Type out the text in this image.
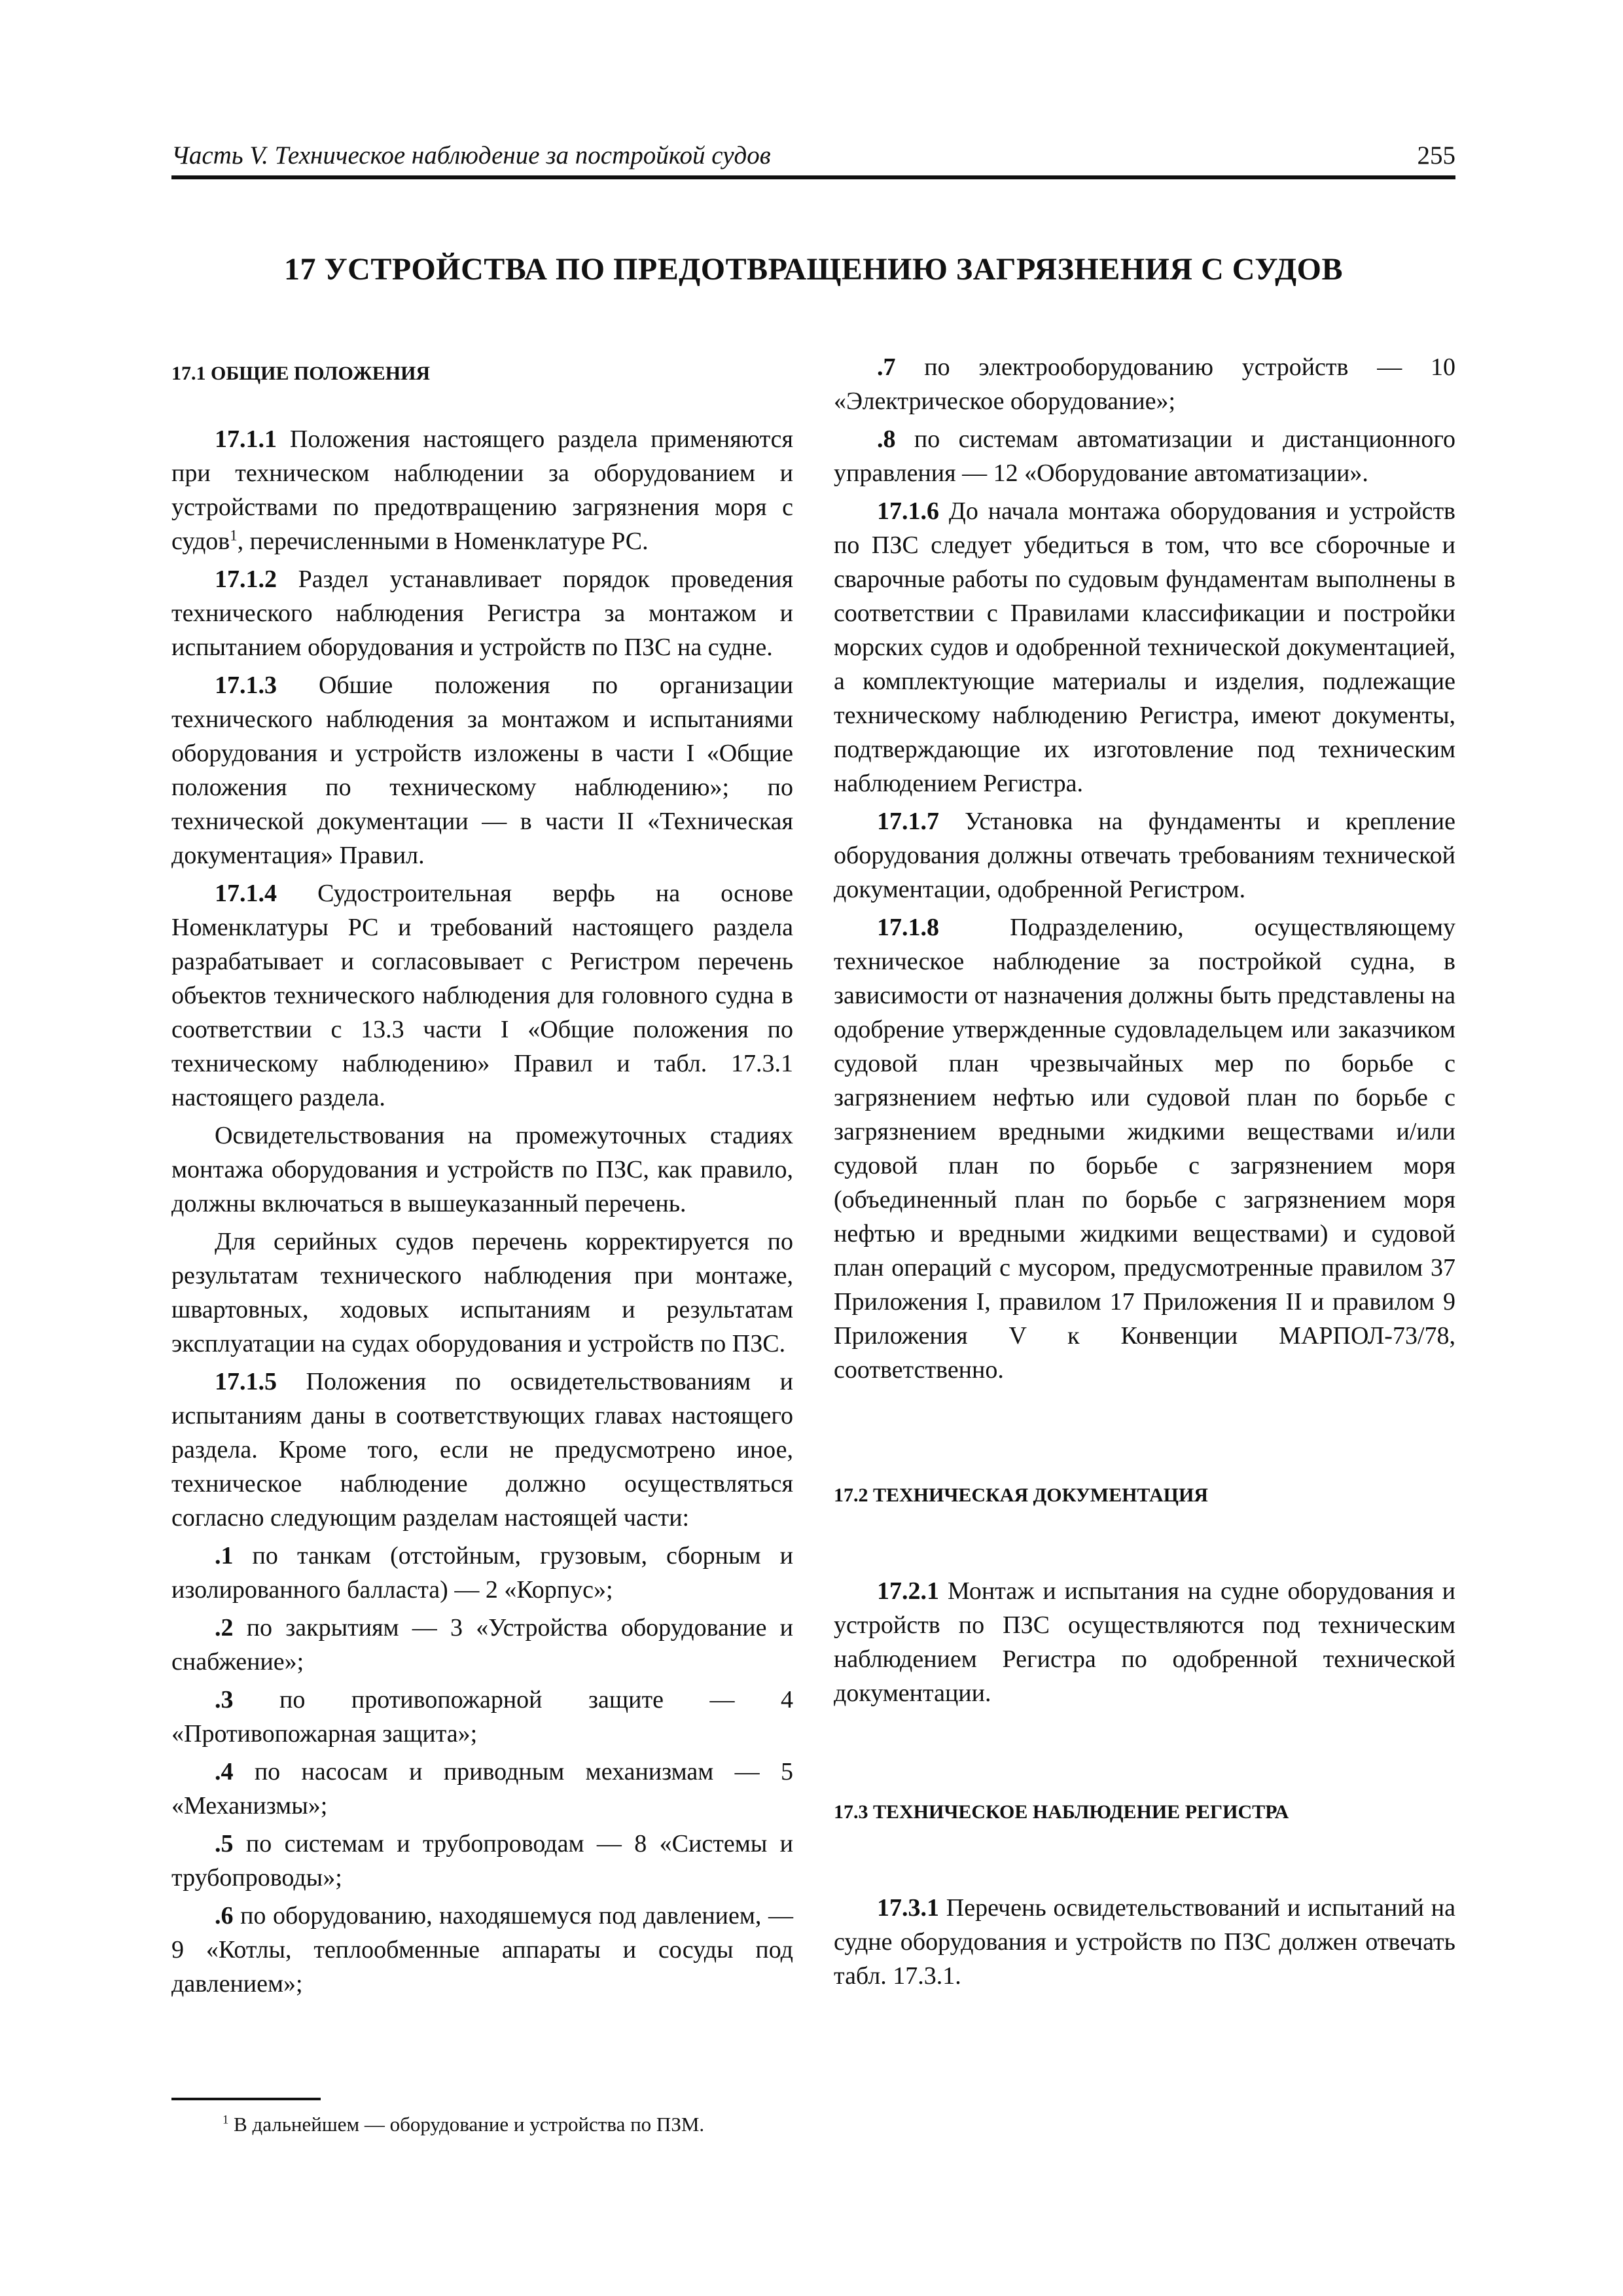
Часть V. Техническое наблюдение за постройкой судов	255
17 УСТРОЙСТВА ПО ПРЕДОТВРАЩЕНИЮ ЗАГРЯЗНЕНИЯ С СУДОВ

17.1 ОБЩИЕ ПОЛОЖЕНИЯ

17.1.1 Положения настоящего раздела применяются при техническом наблюдении за оборудованием и устройствами по предотвращению загрязнения моря с судов$^1$, перечисленными в Номенклатуре РС.

17.1.2 Раздел устанавливает порядок проведения технического наблюдения Регистра за монтажом и испытанием оборудования и устройств по ПЗС на судне.

17.1.3 Обшие положения по организации технического наблюдения за монтажом и испытаниями оборудования и устройств изложены в части I «Общие положения по техническому наблюдению»; по технической документации — в части II «Техническая документация» Правил.

17.1.4 Судостроительная верфь на основе Номенклатуры РС и требований настоящего раздела разрабатывает и согласовывает с Регистром перечень объектов технического наблюдения для головного судна в соответствии с 13.3 части I «Общие положения по техническому наблюдению» Правил и табл. 17.3.1 настоящего раздела.

Освидетельствования на промежуточных стадиях монтажа оборудования и устройств по ПЗС, как правило, должны включаться в вышеуказанный перечень.

Для серийных судов перечень корректируется по результатам технического наблюдения при монтаже, швартовных, ходовых испытаниям и результатам эксплуатации на судах оборудования и устройств по ПЗС.

17.1.5 Положения по освидетельствованиям и испытаниям даны в соответствующих главах настоящего раздела. Кроме того, если не предусмотрено иное, техническое наблюдение должно осуществляться согласно следующим разделам настоящей части:

.1 по танкам (отстойным, грузовым, сборным и изолированного балласта) — 2 «Корпус»;

.2 по закрытиям — 3 «Устройства оборудование и снабжение»;

.3 по противопожарной защите — 4 «Противопожарная защита»;

.4 по насосам и приводным механизмам — 5 «Механизмы»;

.5 по системам и трубопроводам — 8 «Системы и трубопроводы»;

.6 по оборудованию, находяшемуся под давлением, — 9 «Котлы, теплообменные аппараты и сосуды под давлением»;

.7 по электрооборудованию устройств — 10 «Электрическое оборудование»;

.8 по системам автоматизации и дистанционного управления — 12 «Оборудование автоматизации».

17.1.6 До начала монтажа оборудования и устройств по ПЗС следует убедиться в том, что все сборочные и сварочные работы по судовым фундаментам выполнены в соответствии с Правилами классификации и постройки морских судов и одобренной технической документацией, а комплектующие материалы и изделия, подлежащие техническому наблюдению Регистра, имеют документы, подтверждающие их изготовление под техническим наблюдением Регистра.

17.1.7 Установка на фундаменты и крепление оборудования должны отвечать требованиям технической документации, одобренной Регистром.

17.1.8 Подразделению, осуществляющему техническое наблюдение за постройкой судна, в зависимости от назначения должны быть представлены на одобрение утвержденные судовладельцем или заказчиком судовой план чрезвычайных мер по борьбе с загрязнением нефтью или судовой план по борьбе с загрязнением вредными жидкими веществами и/или судовой план по борьбе с загрязнением моря (объединенный план по борьбе с загрязнением моря нефтью и вредными жидкими веществами) и судовой план операций с мусором, предусмотренные правилом 37 Приложения I, правилом 17 Приложения II и правилом 9 Приложения V к Конвенции МАРПОЛ-73/78, соответственно.

17.2 ТЕХНИЧЕСКАЯ ДОКУМЕНТАЦИЯ

17.2.1 Монтаж и испытания на судне оборудования и устройств по ПЗС осуществляются под техническим наблюдением Регистра по одобренной технической документации.

17.3 ТЕХНИЧЕСКОЕ НАБЛЮДЕНИЕ РЕГИСТРА

17.3.1 Перечень освидетельствований и испытаний на судне оборудования и устройств по ПЗС должен отвечать табл. 17.3.1.

$^1$ В дальнейшем — оборудование и устройства по ПЗМ.
